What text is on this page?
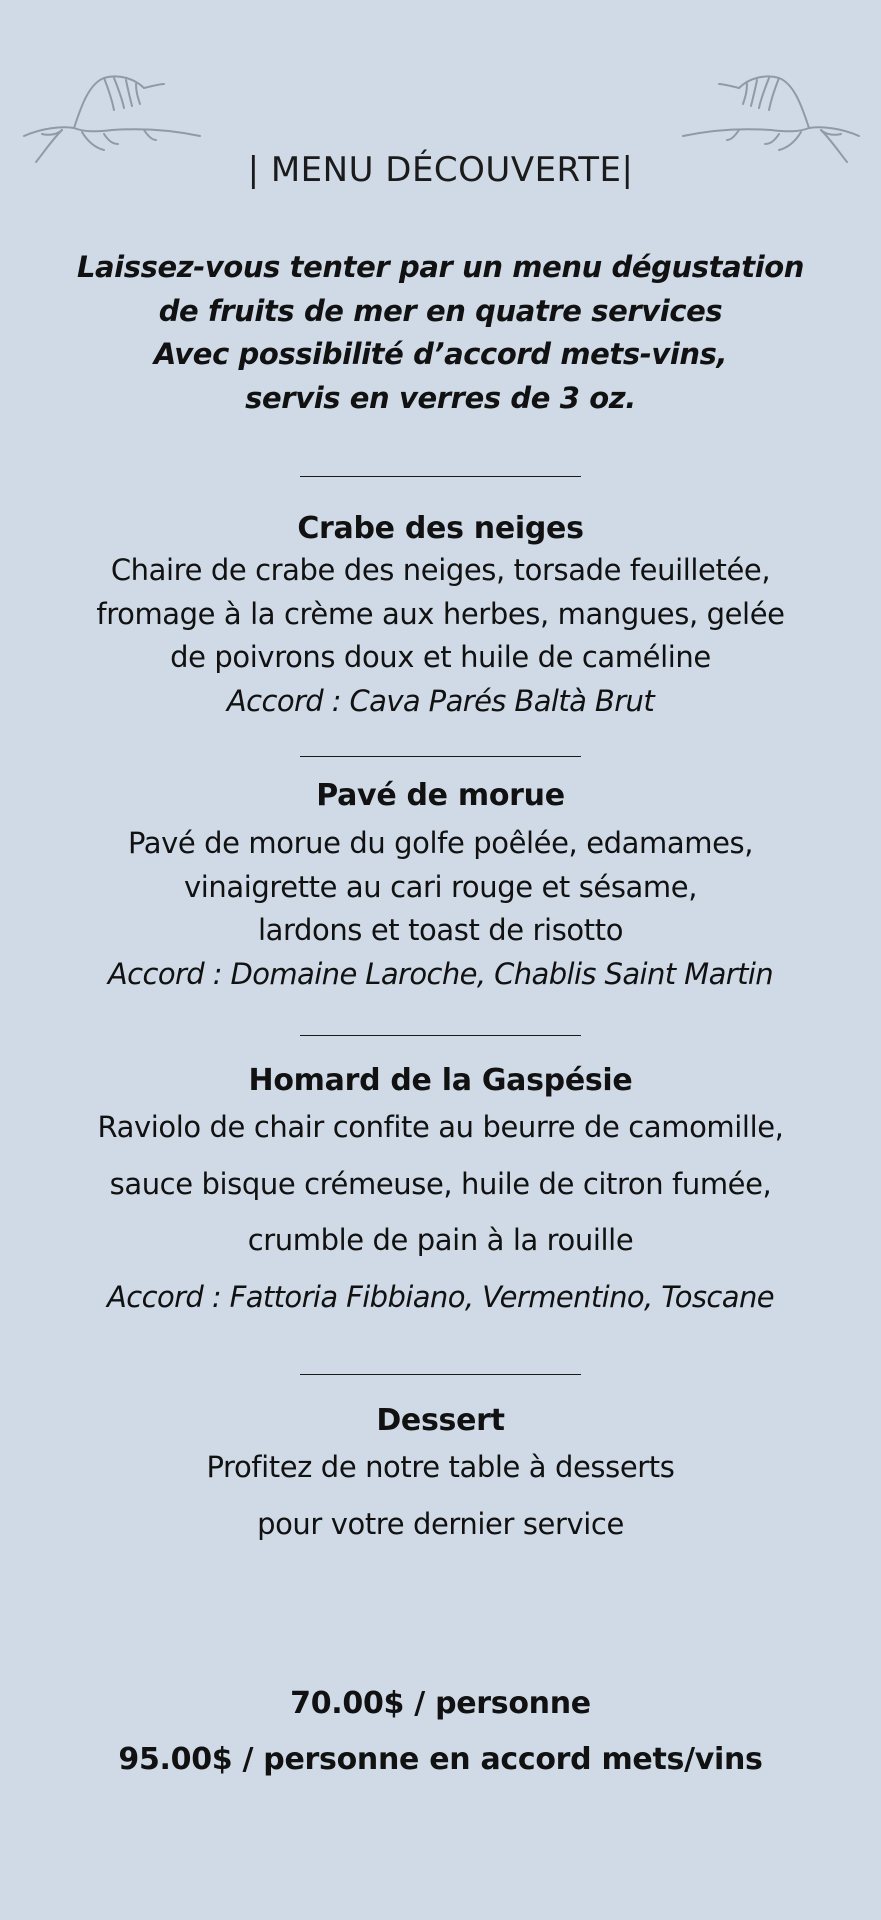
| MENU DÉCOUVERTE|
Laissez-vous tenter par un menu dégustation
de fruits de mer en quatre services
Avec possibilité d’accord mets-vins,
servis en verres de 3 oz.
Crabe des neiges
Chaire de crabe des neiges, torsade feuilletée,
fromage à la crème aux herbes, mangues, gelée
de poivrons doux et huile de caméline
Accord : Cava Parés Baltà Brut
Pavé de morue
Pavé de morue du golfe poêlée, edamames,
vinaigrette au cari rouge et sésame,
lardons et toast de risotto
Accord : Domaine Laroche, Chablis Saint Martin
Homard de la Gaspésie
Raviolo de chair confite au beurre de camomille,
sauce bisque crémeuse, huile de citron fumée,
crumble de pain à la rouille
Accord : Fattoria Fibbiano, Vermentino, Toscane
Dessert
Profitez de notre table à desserts
pour votre dernier service
70.00$ / personne
95.00$ / personne en accord mets/vins
